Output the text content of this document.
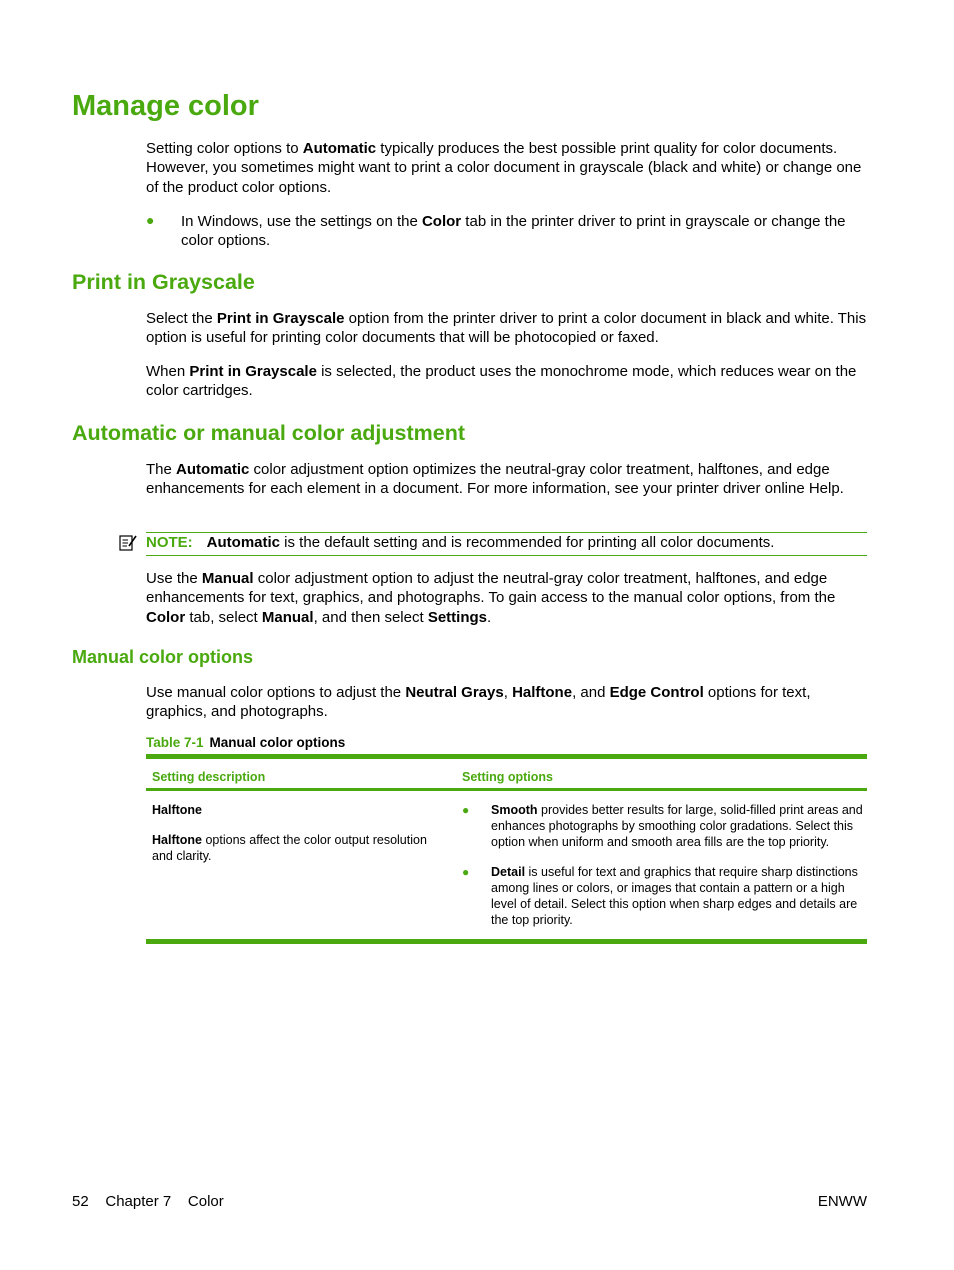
Manage color

Setting color options to Automatic typically produces the best possible print quality for color documents. However, you sometimes might want to print a color document in grayscale (black and white) or change one of the product color options.

● In Windows, use the settings on the Color tab in the printer driver to print in grayscale or change the color options.

Print in Grayscale

Select the Print in Grayscale option from the printer driver to print a color document in black and white. This option is useful for printing color documents that will be photocopied or faxed.

When Print in Grayscale is selected, the product uses the monochrome mode, which reduces wear on the color cartridges.

Automatic or manual color adjustment

The Automatic color adjustment option optimizes the neutral-gray color treatment, halftones, and edge enhancements for each element in a document. For more information, see your printer driver online Help.

NOTE: Automatic is the default setting and is recommended for printing all color documents.

Use the Manual color adjustment option to adjust the neutral-gray color treatment, halftones, and edge enhancements for text, graphics, and photographs. To gain access to the manual color options, from the Color tab, select Manual, and then select Settings.

Manual color options

Use manual color options to adjust the Neutral Grays, Halftone, and Edge Control options for text, graphics, and photographs.

Table 7-1 Manual color options
Setting description	Setting options
Halftone
Halftone options affect the color output resolution and clarity.
● Smooth provides better results for large, solid-filled print areas and enhances photographs by smoothing color gradations. Select this option when uniform and smooth area fills are the top priority.
● Detail is useful for text and graphics that require sharp distinctions among lines or colors, or images that contain a pattern or a high level of detail. Select this option when sharp edges and details are the top priority.
52 Chapter 7 Color	ENWW
